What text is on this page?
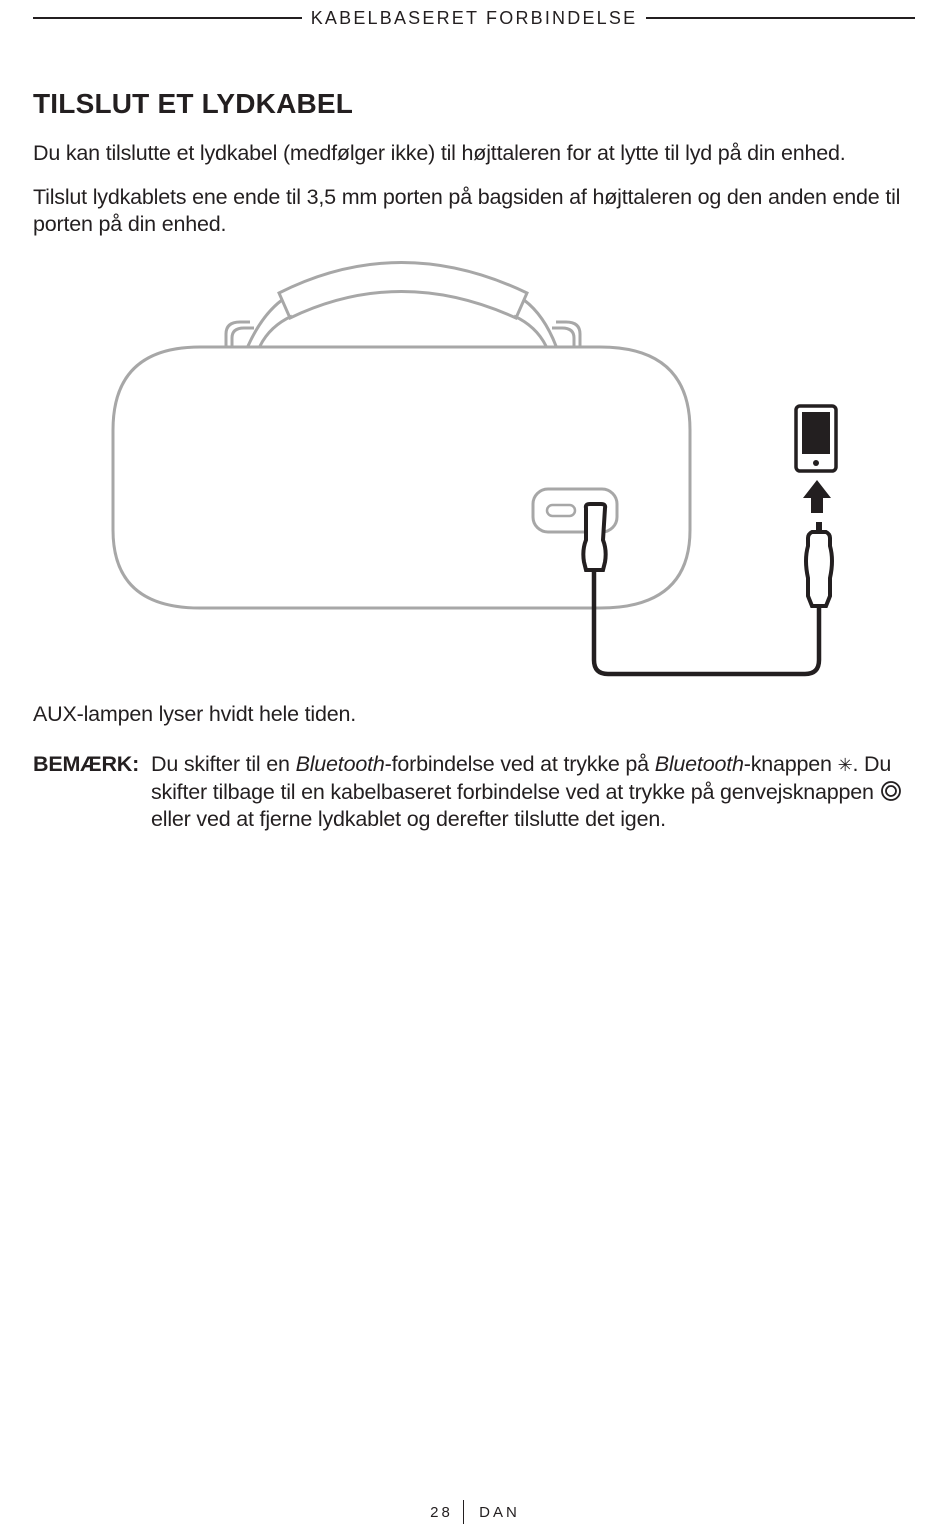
KABELBASERET FORBINDELSE
TILSLUT ET LYDKABEL

Du kan tilslutte et lydkabel (medfølger ikke) til højttaleren for at lytte til lyd på din enhed.

Tilslut lydkablets ene ende til 3,5 mm porten på bagsiden af højttaleren og den anden ende til porten på din enhed.

AUX-lampen lyser hvidt hele tiden.

BEMÆRK: Du skifter til en Bluetooth-forbindelse ved at trykke på Bluetooth-knappen ✳. Du skifter tilbage til en kabelbaseret forbindelse ved at trykke på genvejsknappen  eller ved at fjerne lydkablet og derefter tilslutte det igen.
28 DAN
